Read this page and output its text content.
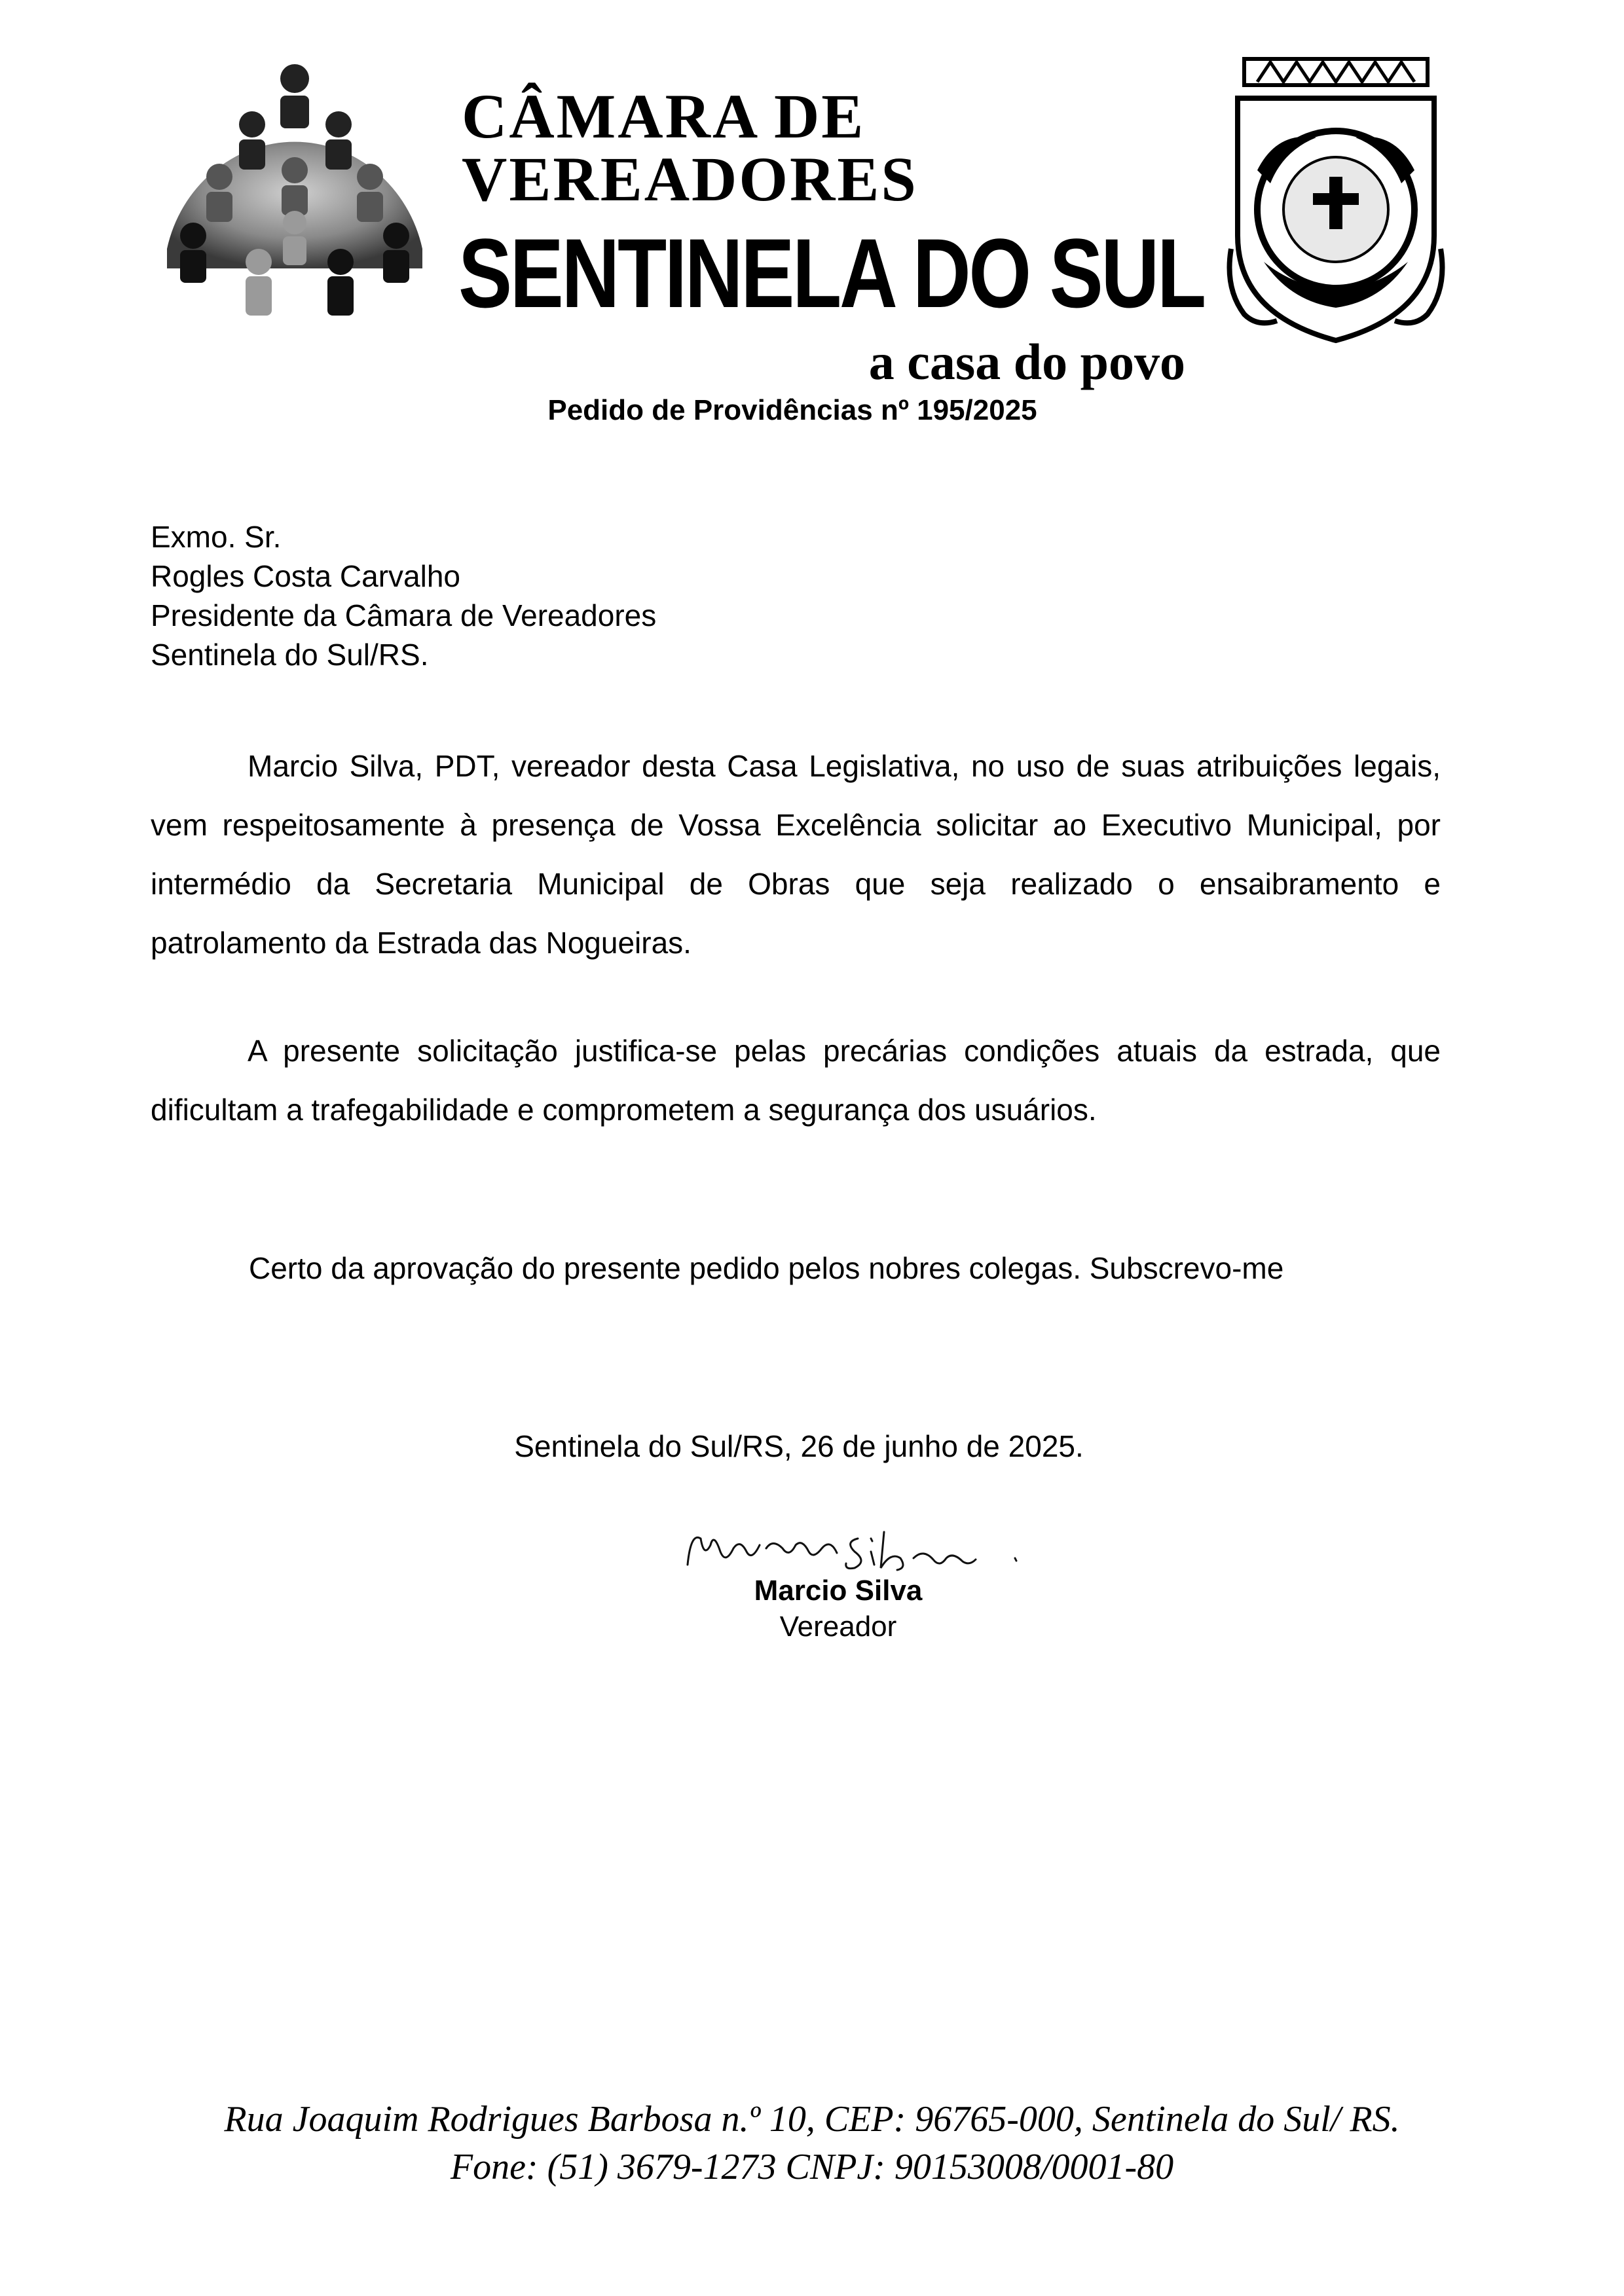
CÂMARA DE VEREADORES
SENTINELA DO SUL
a casa do povo
Pedido de Providências nº 195/2025
Exmo. Sr.
Rogles Costa Carvalho
Presidente da Câmara de Vereadores
Sentinela do Sul/RS.
Marcio Silva, PDT, vereador desta Casa Legislativa, no uso de suas atribuições legais, vem respeitosamente à presença de Vossa Excelência solicitar ao Executivo Municipal, por intermédio da Secretaria Municipal de Obras que seja realizado o ensaibramento e patrolamento da Estrada das Nogueiras.
A presente solicitação justifica-se pelas precárias condições atuais da estrada, que dificultam a trafegabilidade e comprometem a segurança dos usuários.
Certo da aprovação do presente pedido pelos nobres colegas. Subscrevo-me
Sentinela do Sul/RS, 26 de junho de 2025.
Marcio Silva
Vereador
Rua Joaquim Rodrigues Barbosa n.º 10, CEP: 96765-000, Sentinela do Sul/ RS.
Fone: (51) 3679-1273 CNPJ: 90153008/0001-80
